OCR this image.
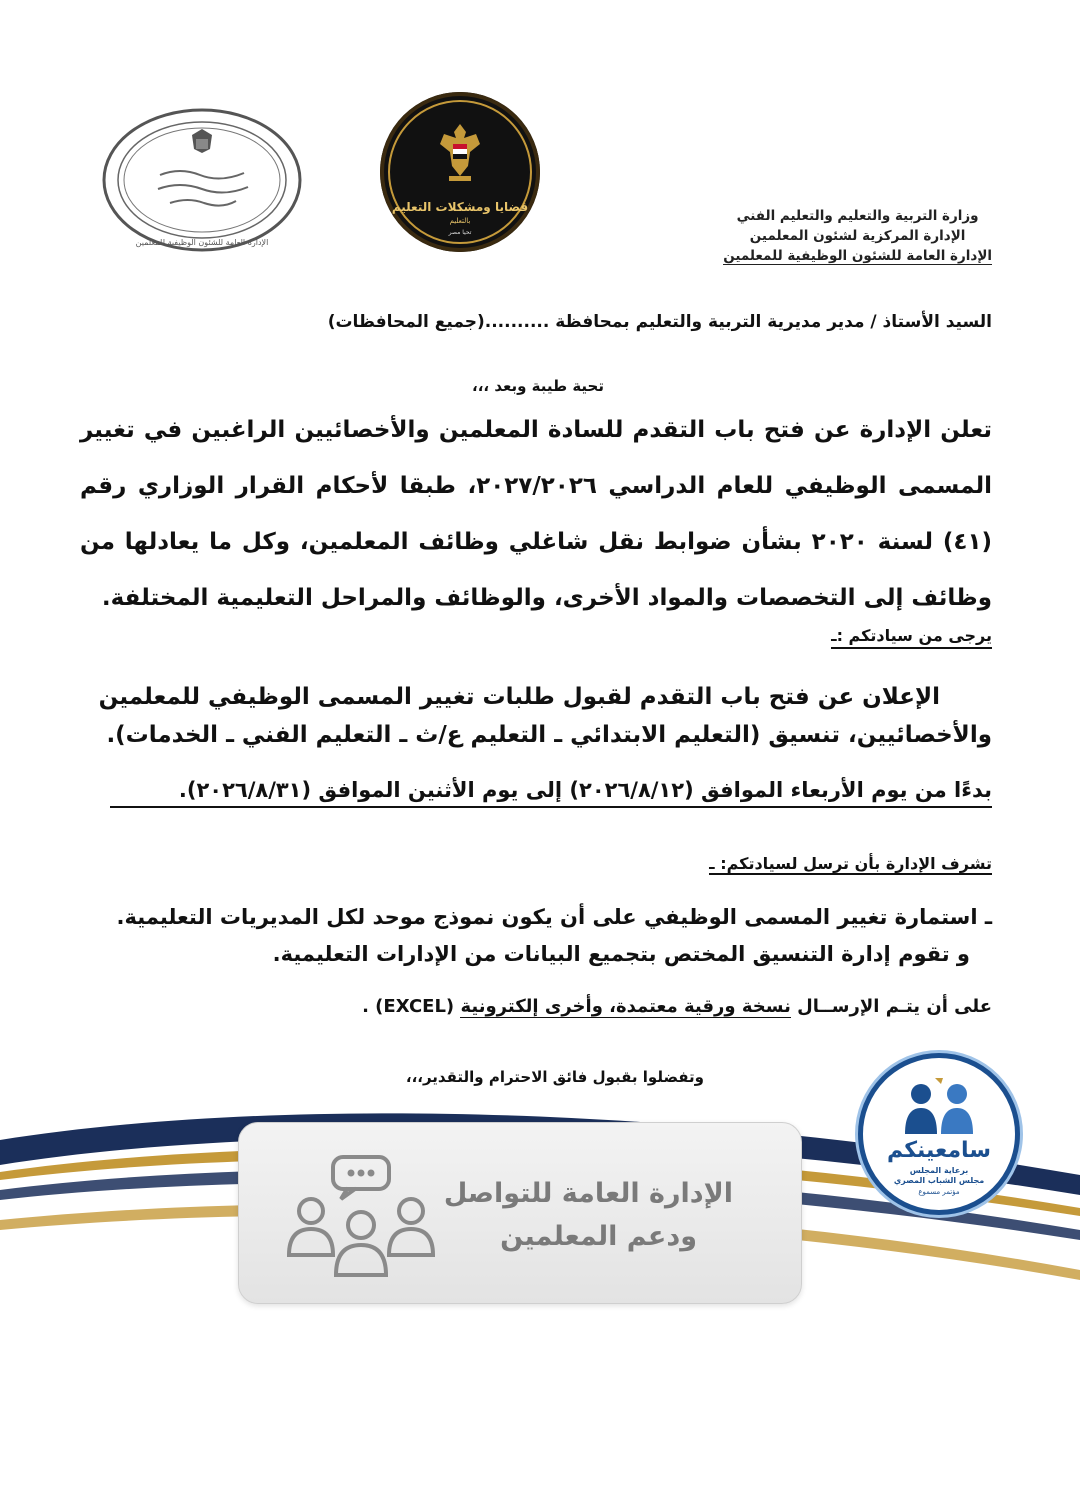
وزارة التربية والتعليم والتعليم الفني
الإدارة المركزية لشئون المعلمين
الإدارة العامة للشئون الوظيفية للمعلمين
الإدارة العامة للشئون الوظيفية للمعلمين
قضايا ومشكلات التعليم
بالتعليم
تحيا مصر
السيد الأستاذ / مدير مديرية التربية والتعليم بمحافظة ..........(جميع المحافظات)
تحية طيبة وبعد ،،،
تعلن الإدارة عن فتح باب التقدم للسادة المعلمين والأخصائيين الراغبين في تغيير المسمى الوظيفي للعام الدراسي ٢٠٢٧/٢٠٢٦، طبقا لأحكام القرار الوزاري رقم (٤١) لسنة ٢٠٢٠ بشأن ضوابط نقل شاغلي وظائف المعلمين، وكل ما يعادلها من وظائف إلى التخصصات والمواد الأخرى، والوظائف والمراحل التعليمية المختلفة.
يرجى من سيادتكم :ـ
الإعلان عن فتح باب التقدم لقبول طلبات تغيير المسمى الوظيفي للمعلمين
والأخصائيين، تنسيق (التعليم الابتدائي ـ التعليم ع/ث ـ التعليم الفني ـ الخدمات).
بدءًا من يوم الأربعاء الموافق (٢٠٢٦/٨/١٢) إلى يوم الأثنين الموافق (٢٠٢٦/٨/٣١).
تشرف الإدارة بأن ترسل لسيادتكم: ـ
ـ استمارة تغيير المسمى الوظيفي على أن يكون نموذج موحد لكل المديريات التعليمية.
و تقوم إدارة التنسيق المختص بتجميع البيانات من الإدارات التعليمية.
على أن يتـم الإرســال نسخة ورقية معتمدة، وأخرى إلكترونية (EXCEL) .
وتفضلوا بقبول فائق الاحترام والتقدير،،،
الإدارة العامة للتواصل
ودعم المعلمين
سامعينكم
برعاية المجلس
مجلس الشباب المصري
مؤتمر مسموع
